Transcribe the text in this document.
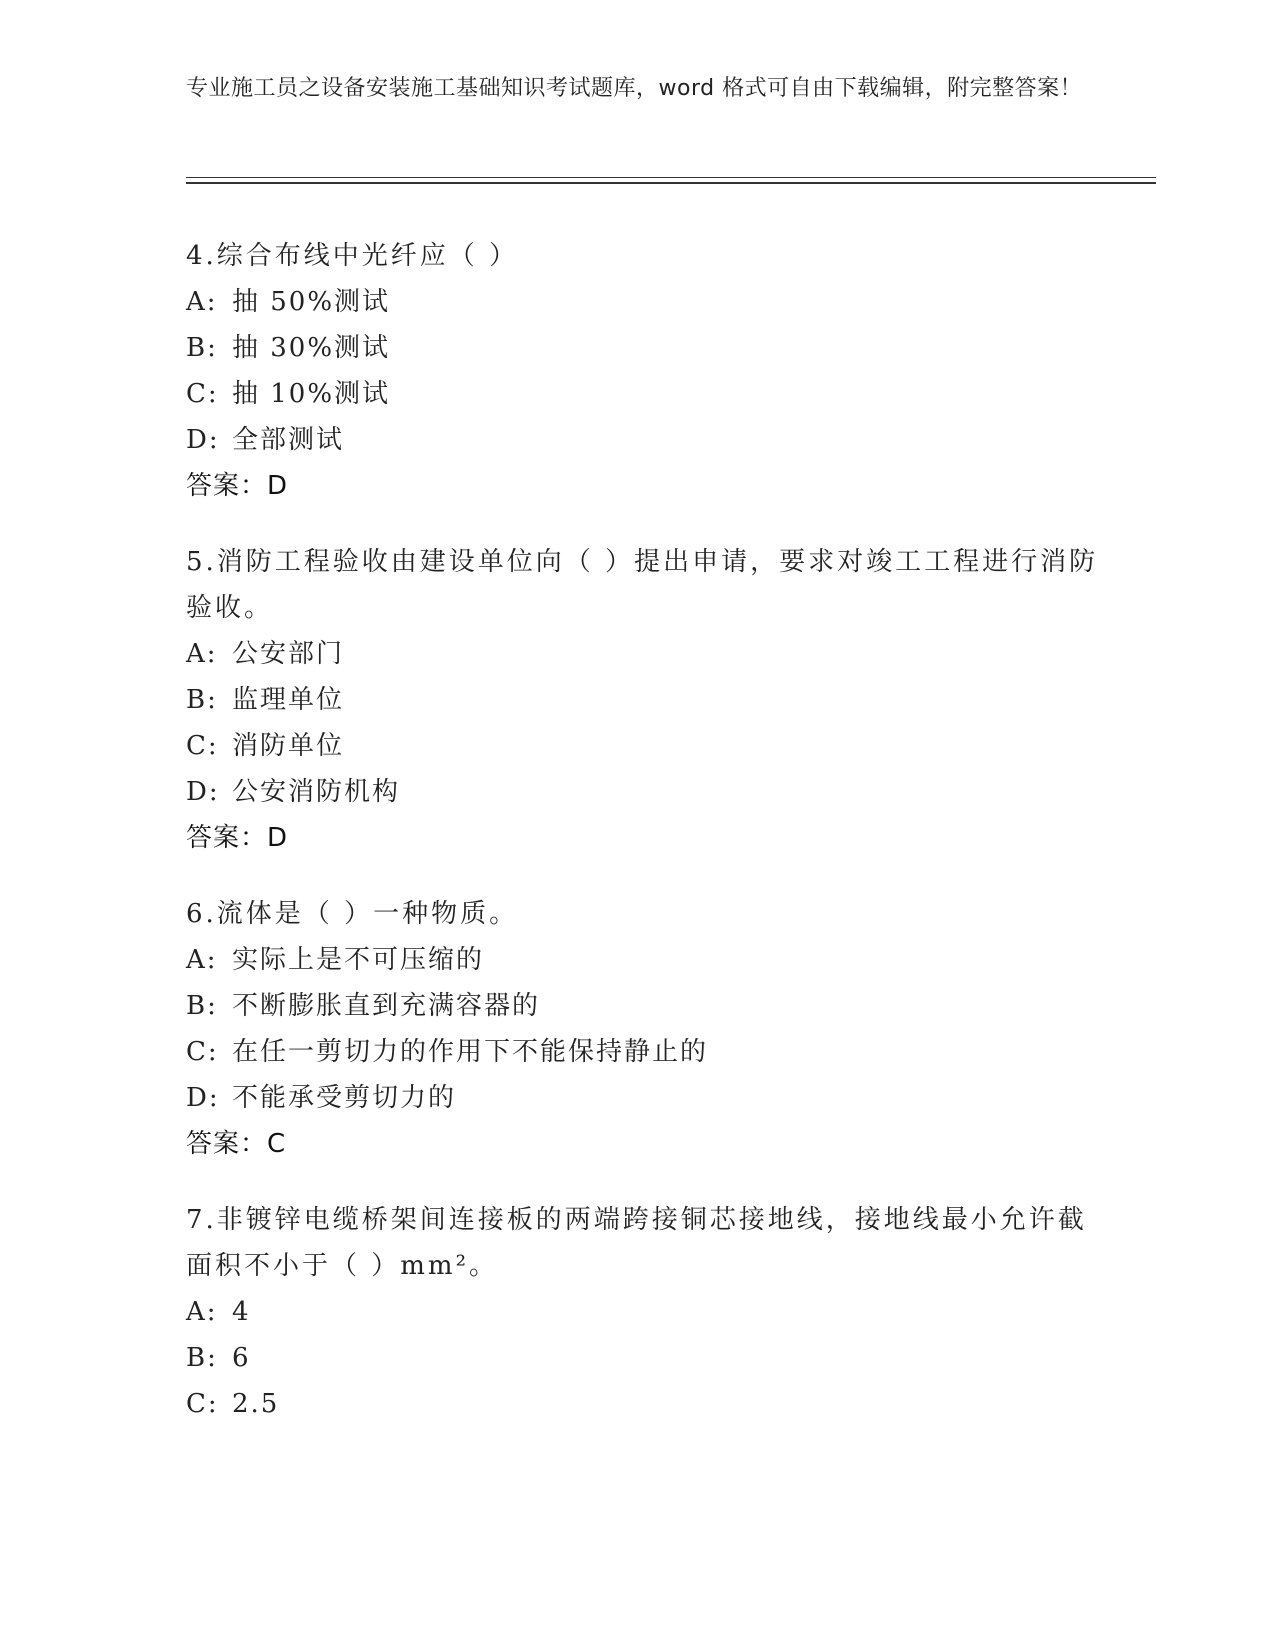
专业施工员之设备安装施工基础知识考试题库，word 格式可自由下载编辑，附完整答案！
4.综合布线中光纤应（ ）
A: 抽 50%测试
B: 抽 30%测试
C: 抽 10%测试
D: 全部测试
答案：D
5.消防工程验收由建设单位向（ ）提出申请，要求对竣工工程进行消防验收。
A: 公安部门
B: 监理单位
C: 消防单位
D: 公安消防机构
答案：D
6.流体是（ ）一种物质。
A: 实际上是不可压缩的
B: 不断膨胀直到充满容器的
C: 在任一剪切力的作用下不能保持静止的
D: 不能承受剪切力的
答案：C
7.非镀锌电缆桥架间连接板的两端跨接铜芯接地线，接地线最小允许截面积不小于（ ）mm²。
A: 4
B: 6
C: 2.5
